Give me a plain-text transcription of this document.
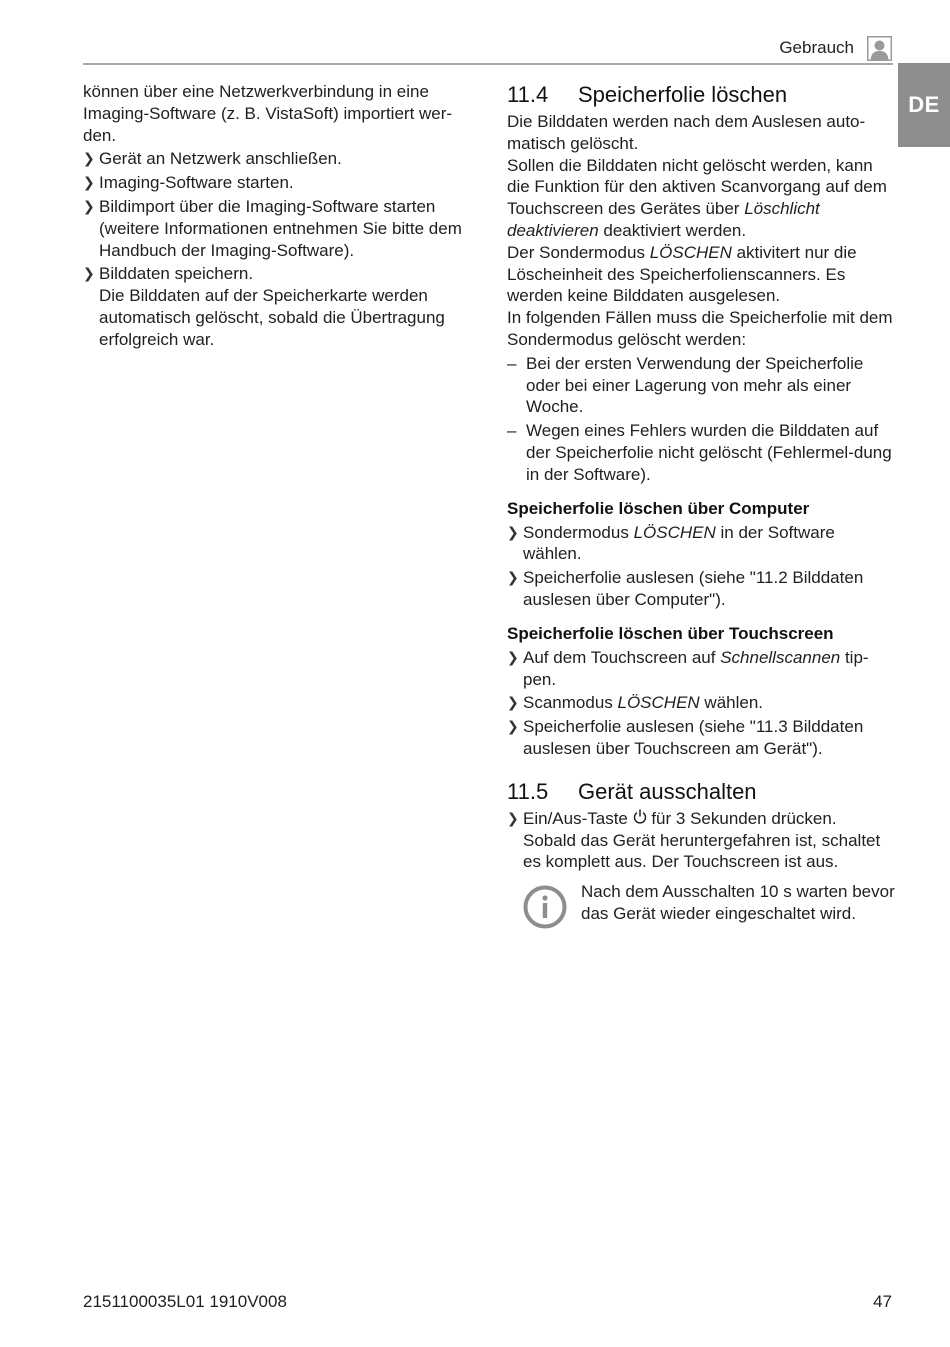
Gebrauch
DE

können über eine Netzwerkverbindung in eine Imaging-Software (z. B. VistaSoft) importiert wer-den.

❯ Gerät an Netzwerk anschließen.
❯ Imaging-Software starten.
❯ Bildimport über die Imaging-Software starten (weitere Informationen entnehmen Sie bitte dem Handbuch der Imaging-Software).
❯ Bilddaten speichern.

Die Bilddaten auf der Speicherkarte werden automatisch gelöscht, sobald die Übertragung erfolgreich war.

11.4	Speicherfolie löschen

Die Bilddaten werden nach dem Auslesen auto-matisch gelöscht.

Sollen die Bilddaten nicht gelöscht werden, kann die Funktion für den aktiven Scanvorgang auf dem Touchscreen des Gerätes über Löschlicht deaktivieren deaktiviert werden.

Der Sondermodus LÖSCHEN aktivitert nur die Löscheinheit des Speicherfolienscanners. Es werden keine Bilddaten ausgelesen.

In folgenden Fällen muss die Speicherfolie mit dem Sondermodus gelöscht werden:

– Bei der ersten Verwendung der Speicherfolie oder bei einer Lagerung von mehr als einer Woche.
– Wegen eines Fehlers wurden die Bilddaten auf der Speicherfolie nicht gelöscht (Fehlermel-dung in der Software).
Speicherfolie löschen über Computer
❯ Sondermodus LÖSCHEN in der Software wählen.
❯ Speicherfolie auslesen (siehe "11.2 Bilddaten auslesen über Computer").
Speicherfolie löschen über Touchscreen
❯ Auf dem Touchscreen auf Schnellscannen tip-pen.
❯ Scanmodus LÖSCHEN wählen.
❯ Speicherfolie auslesen (siehe "11.3 Bilddaten auslesen über Touchscreen am Gerät").
11.5	Gerät ausschalten
❯ Ein/Aus-Taste  für 3 Sekunden drücken.

Sobald das Gerät heruntergefahren ist, schaltet es komplett aus. Der Touchscreen ist aus.

Nach dem Ausschalten 10 s warten bevor das Gerät wieder eingeschaltet wird.

2151100035L01 1910V008	47
